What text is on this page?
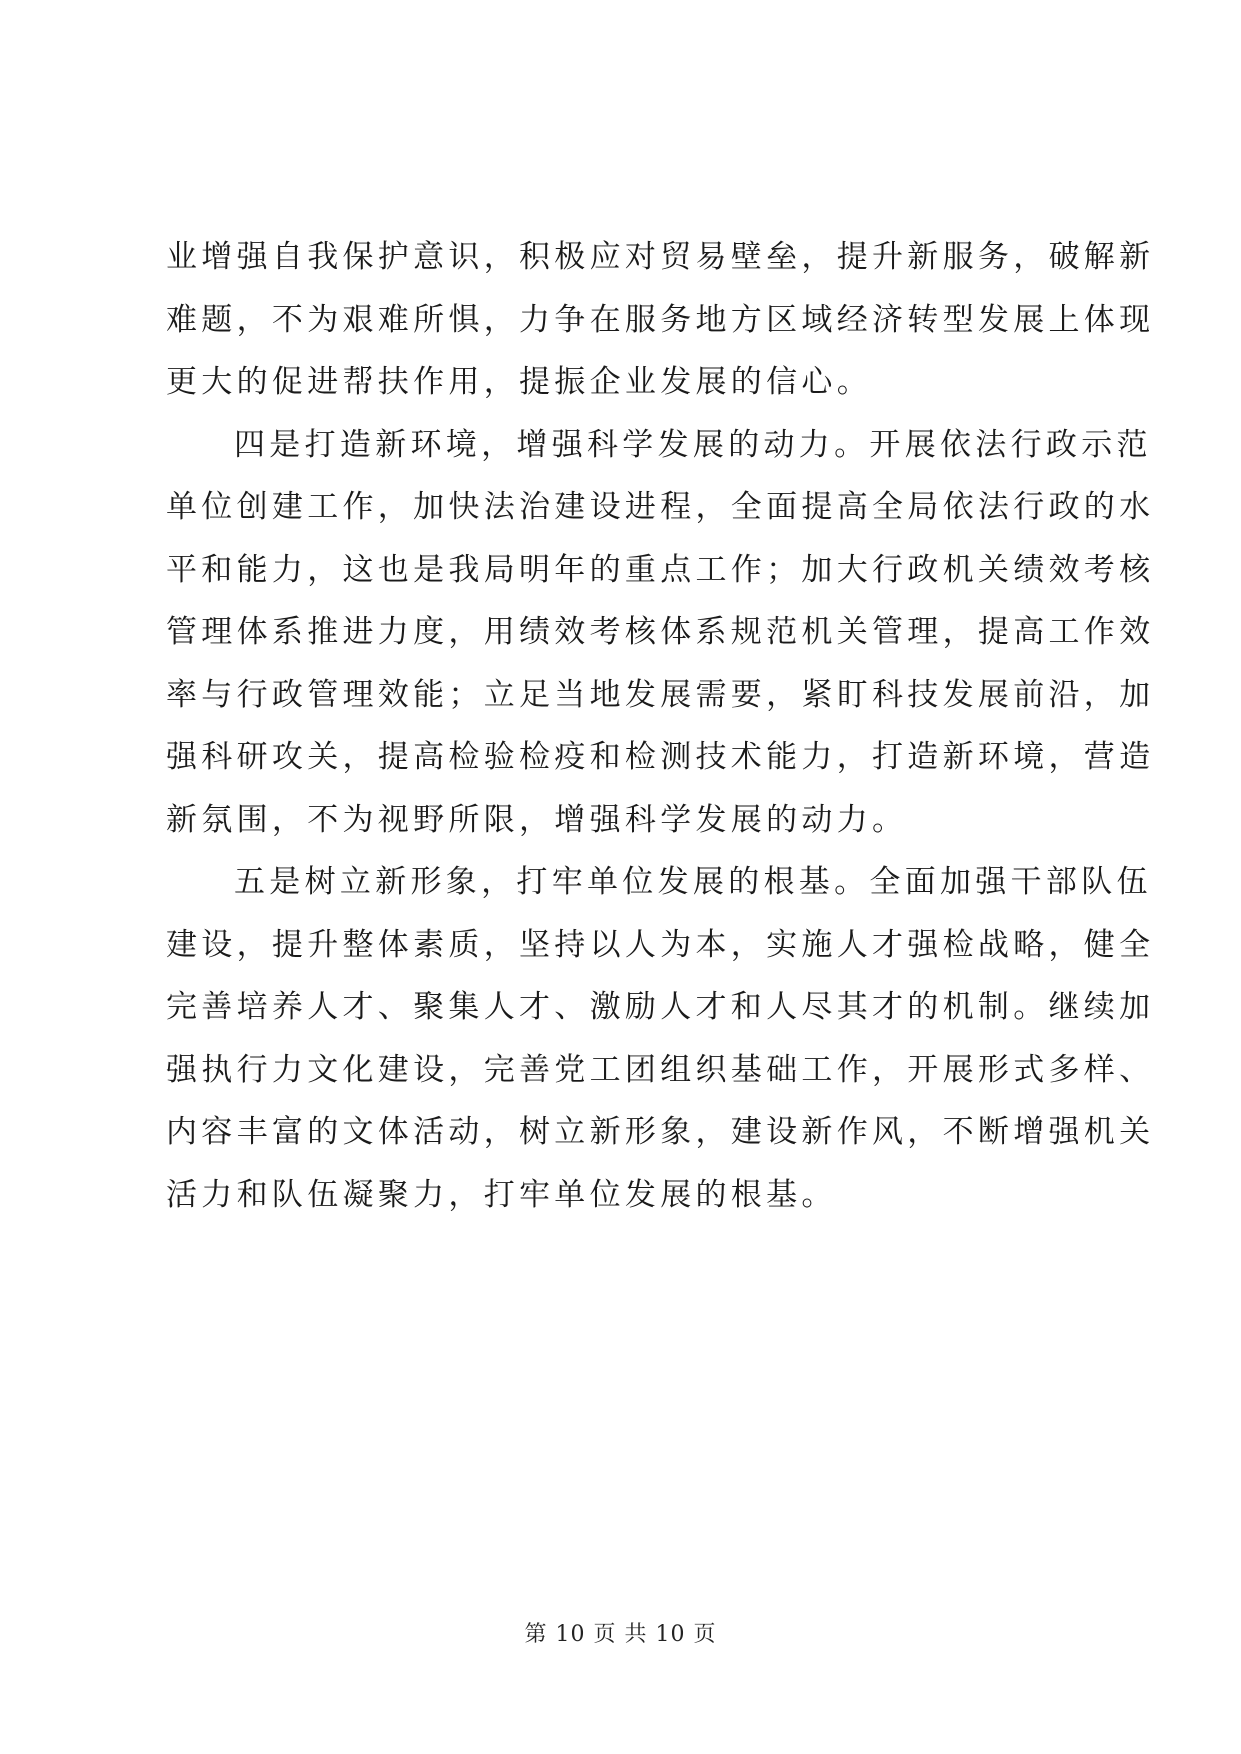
业增强自我保护意识，积极应对贸易壁垒，提升新服务，破解新
难题，不为艰难所惧，力争在服务地方区域经济转型发展上体现
更大的促进帮扶作用，提振企业发展的信心。

四是打造新环境，增强科学发展的动力。开展依法行政示范
单位创建工作，加快法治建设进程，全面提高全局依法行政的水
平和能力，这也是我局明年的重点工作；加大行政机关绩效考核
管理体系推进力度，用绩效考核体系规范机关管理，提高工作效
率与行政管理效能；立足当地发展需要，紧盯科技发展前沿，加
强科研攻关，提高检验检疫和检测技术能力，打造新环境，营造
新氛围，不为视野所限，增强科学发展的动力。

五是树立新形象，打牢单位发展的根基。全面加强干部队伍
建设，提升整体素质，坚持以人为本，实施人才强检战略，健全
完善培养人才、聚集人才、激励人才和人尽其才的机制。继续加
强执行力文化建设，完善党工团组织基础工作，开展形式多样、
内容丰富的文体活动，树立新形象，建设新作风，不断增强机关
活力和队伍凝聚力，打牢单位发展的根基。

第 10 页 共 10 页
